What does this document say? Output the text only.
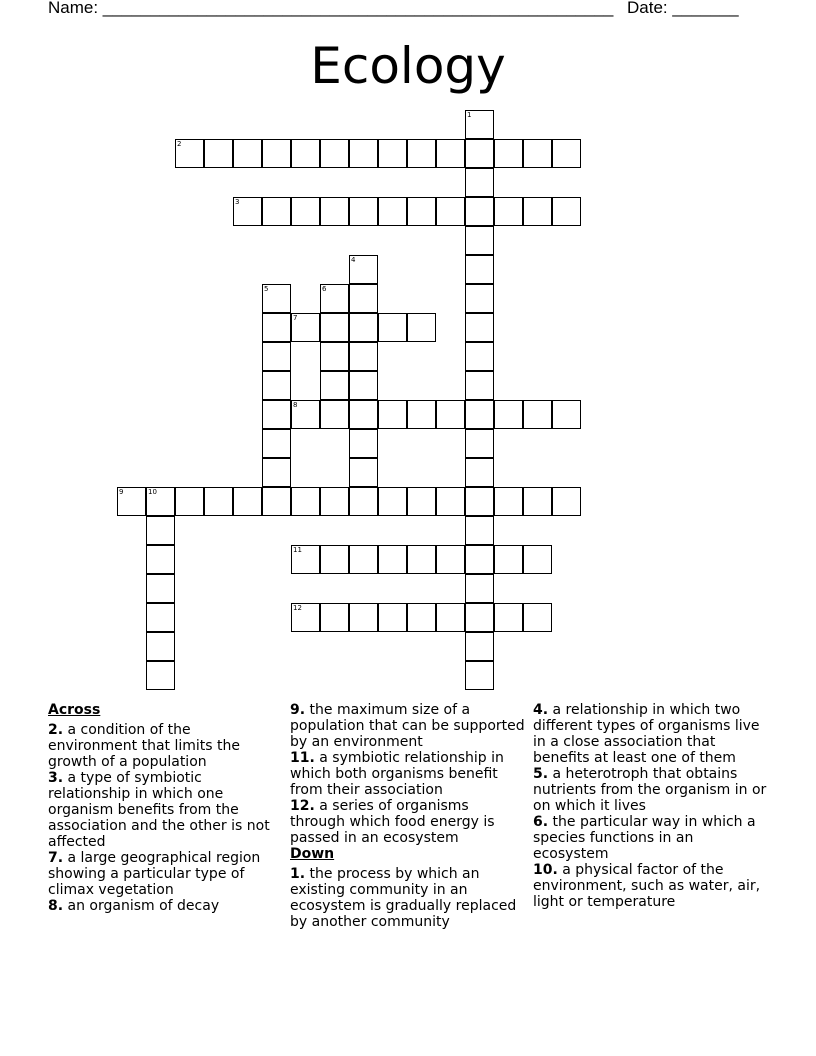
Name: ______________________________________________________ Date: _______
Ecology
1
2
3
4
5	6
7
8
9	10
11
12
Across

2. a condition of the environment that limits the growth of a population

3. a type of symbiotic relationship in which one organism benefits from the association and the other is not affected

7. a large geographical region showing a particular type of climax vegetation

8. an organism of decay

9. the maximum size of a population that can be supported by an environment

11. a symbiotic relationship in which both organisms benefit from their association

12. a series of organisms through which food energy is passed in an ecosystem

Down

1. the process by which an existing community in an ecosystem is gradually replaced by another community

4. a relationship in which two different types of organisms live in a close association that benefits at least one of them

5. a heterotroph that obtains nutrients from the organism in or on which it lives

6. the particular way in which a species functions in an ecosystem

10. a physical factor of the environment, such as water, air, light or temperature
